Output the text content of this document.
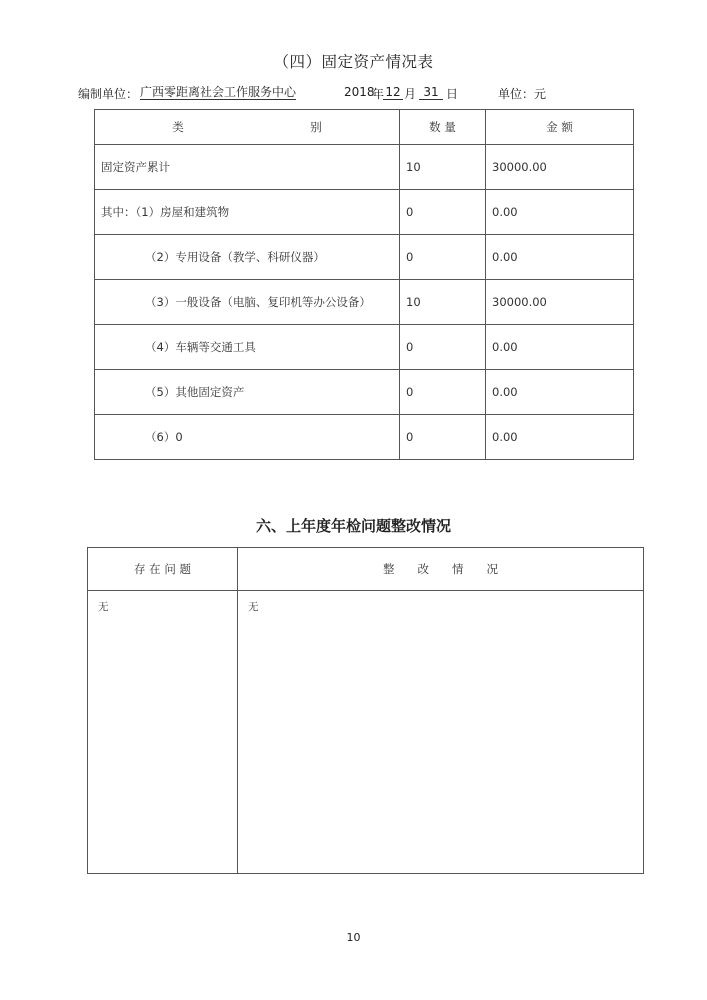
（四）固定资产情况表
编制单位： 广西零距离社会工作服务中心	2018
年 12 月 31 日	单位：元
类　　　　　　　　　　　别	数 量	金 额
固定资产累计	10	30000.00
其中：（1）房屋和建筑物	0	0.00
（2）专用设备（教学、科研仪器）	0	0.00
（3）一般设备（电脑、复印机等办公设备）	10	30000.00
（4）车辆等交通工具	0	0.00
（5）其他固定资产	0	0.00
（6）0	0	0.00
六、上年度年检问题整改情况
存 在 问 题	整　　改　　情　　况
无	无
10
